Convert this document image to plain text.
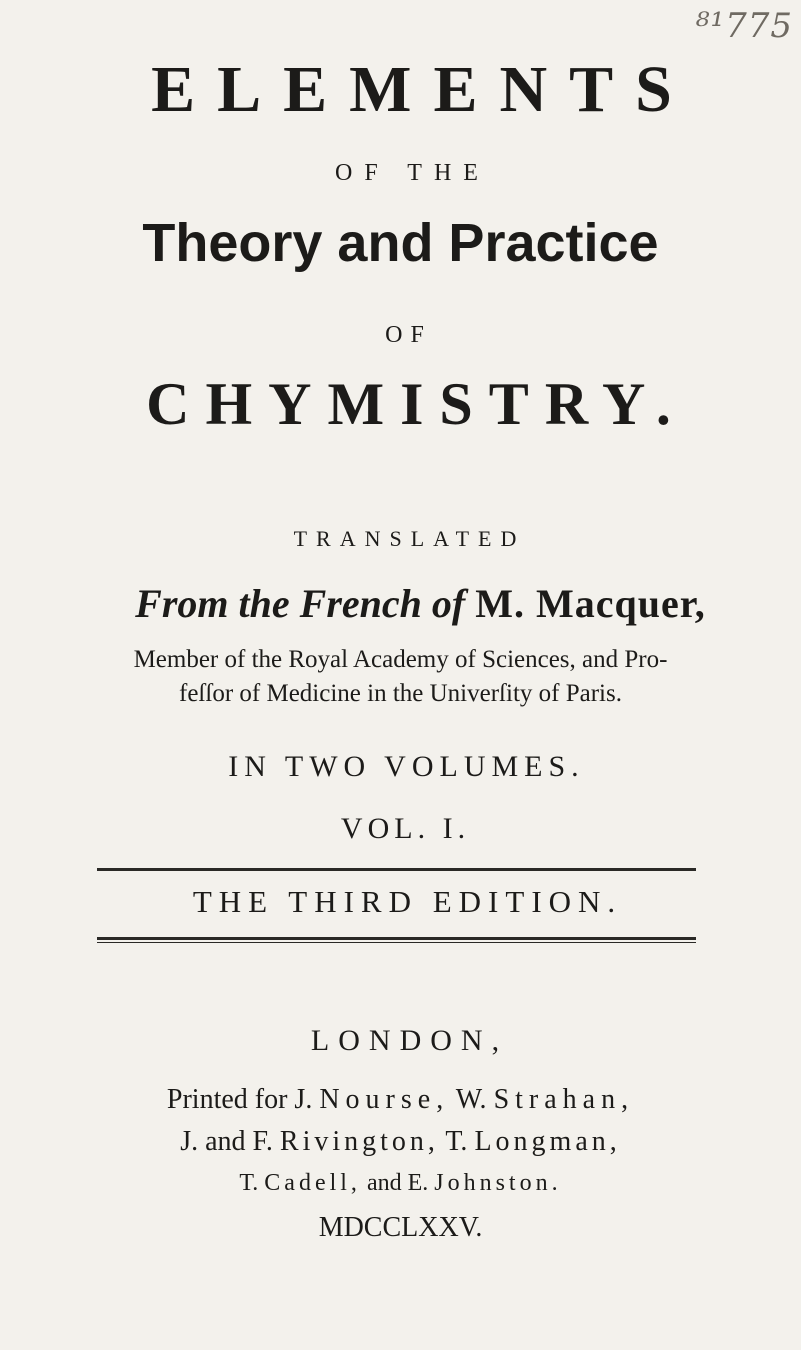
⁸¹775
ELEMENTS
OF THE
Theory and Practice
OF
CHYMISTRY.
TRANSLATED
From the French of M. Macquer,
Member of the Royal Academy of Sciences, and Pro-
feſſor of Medicine in the Univerſity of Paris.
IN TWO VOLUMES.
VOL. I.
THE THIRD EDITION.
LONDON,
Printed for J. Nourse, W. Strahan,
J. and F. Rivington, T. Longman,
T. Cadell, and E. Johnston.
MDCCLXXV.
